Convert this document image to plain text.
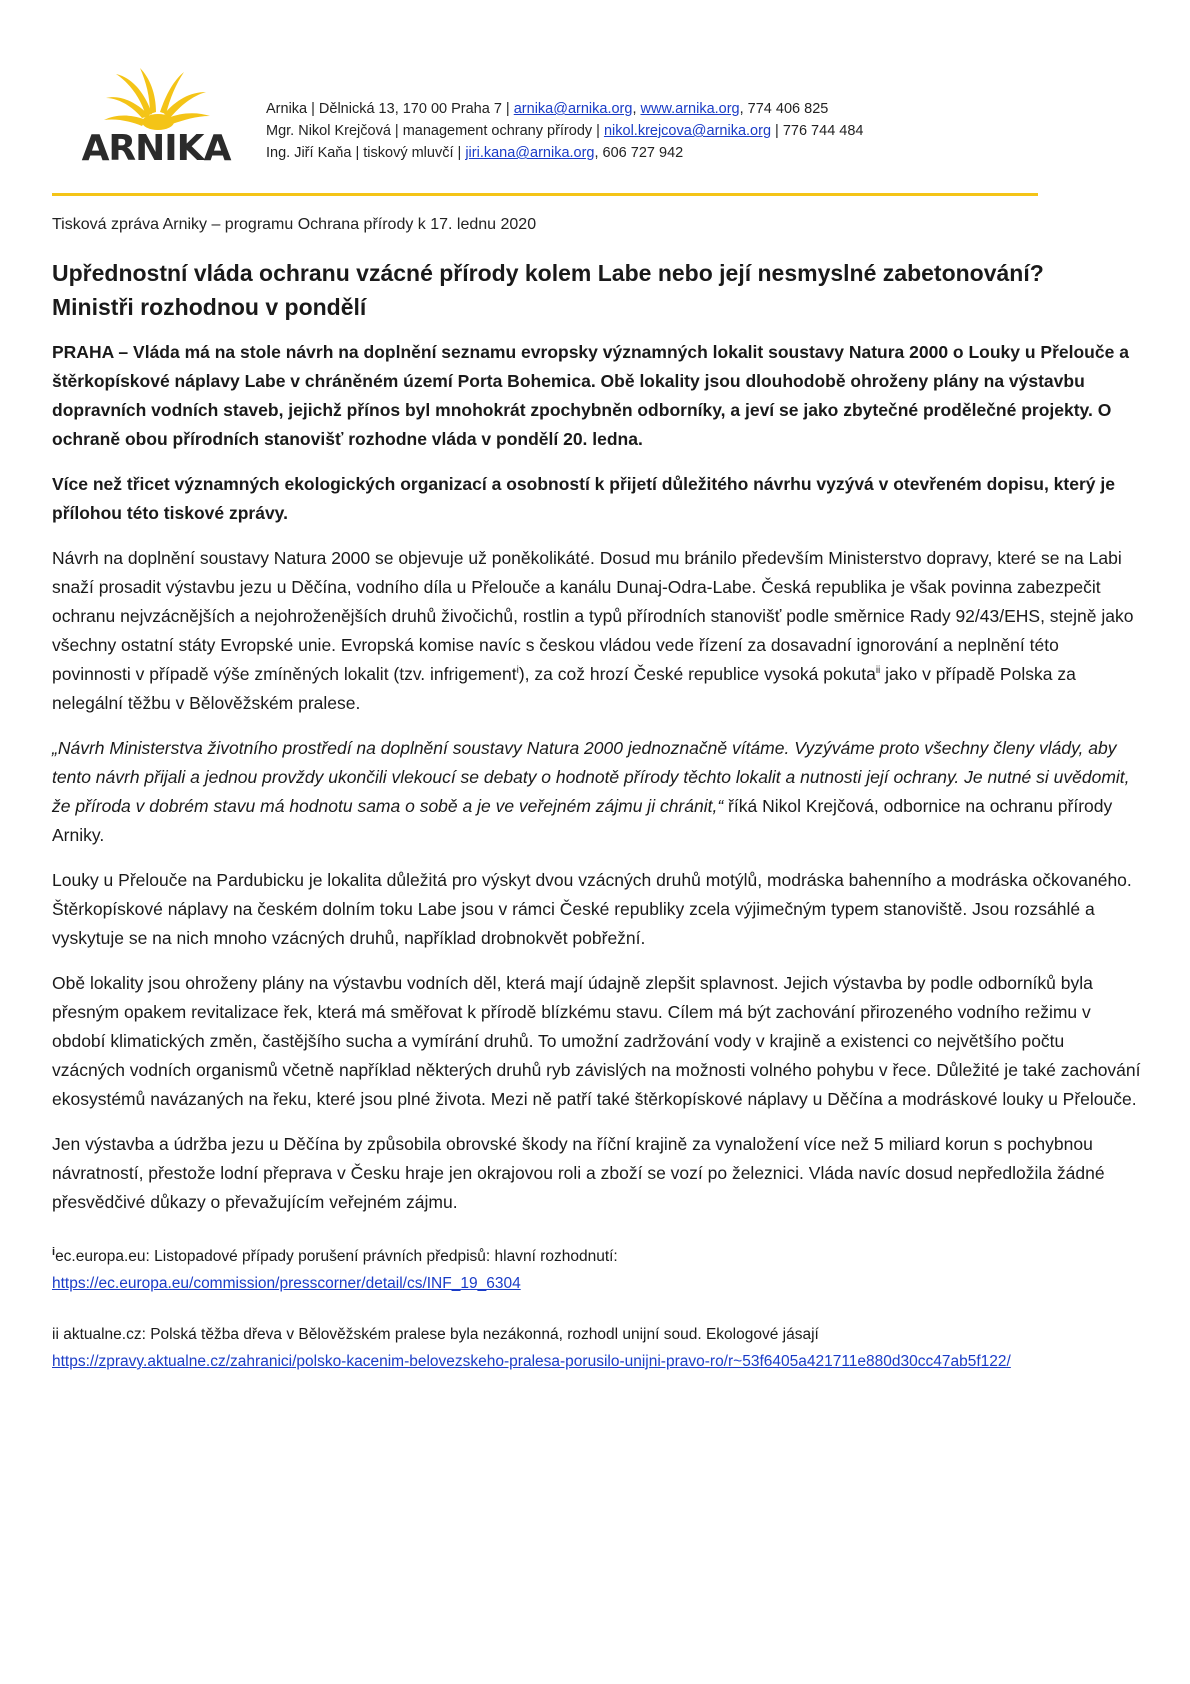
ARNIKA
Arnika | Dělnická 13, 170 00 Praha 7 | arnika@arnika.org, www.arnika.org, 774 406 825
Mgr. Nikol Krejčová | management ochrany přírody | nikol.krejcova@arnika.org | 776 744 484
Ing. Jiří Kaňa | tiskový mluvčí | jiri.kana@arnika.org, 606 727 942
Tisková zpráva Arniky – programu Ochrana přírody k 17. lednu 2020
Upřednostní vláda ochranu vzácné přírody kolem Labe nebo její nesmyslné zabetonování?
Ministři rozhodnou v pondělí

PRAHA – Vláda má na stole návrh na doplnění seznamu evropsky významných lokalit soustavy Natura 2000 o Louky u Přelouče a štěrkopískové náplavy Labe v chráněném území Porta Bohemica. Obě lokality jsou dlouhodobě ohroženy plány na výstavbu dopravních vodních staveb, jejichž přínos byl mnohokrát zpochybněn odborníky, a jeví se jako zbytečné prodělečné projekty. O ochraně obou přírodních stanovišť rozhodne vláda v pondělí 20. ledna.

Více než třicet významných ekologických organizací a osobností k přijetí důležitého návrhu vyzývá v otevřeném dopisu, který je přílohou této tiskové zprávy.

Návrh na doplnění soustavy Natura 2000 se objevuje už poněkolikáté. Dosud mu bránilo především Ministerstvo dopravy, které se na Labi snaží prosadit výstavbu jezu u Děčína, vodního díla u Přelouče a kanálu Dunaj-Odra-Labe. Česká republika je však povinna zabezpečit ochranu nejvzácnějších a nejohroženějších druhů živočichů, rostlin a typů přírodních stanovišť podle směrnice Rady 92/43/EHS, stejně jako všechny ostatní státy Evropské unie. Evropská komise navíc s českou vládou vede řízení za dosavadní ignorování a neplnění této povinnosti v případě výše zmíněných lokalit (tzv. infrigement$^i$), za což hrozí České republice vysoká pokuta$^{ii}$ jako v případě Polska za nelegální těžbu v Bělověžském pralese.

„Návrh Ministerstva životního prostředí na doplnění soustavy Natura 2000 jednoznačně vítáme. Vyzýváme proto všechny členy vlády, aby tento návrh přijali a jednou provždy ukončili vlekoucí se debaty o hodnotě přírody těchto lokalit a nutnosti její ochrany. Je nutné si uvědomit, že příroda v dobrém stavu má hodnotu sama o sobě a je ve veřejném zájmu ji chránit,“ říká Nikol Krejčová, odbornice na ochranu přírody Arniky.

Louky u Přelouče na Pardubicku je lokalita důležitá pro výskyt dvou vzácných druhů motýlů, modráska bahenního a modráska očkovaného. Štěrkopískové náplavy na českém dolním toku Labe jsou v rámci České republiky zcela výjimečným typem stanoviště. Jsou rozsáhlé a vyskytuje se na nich mnoho vzácných druhů, například drobnokvět pobřežní.

Obě lokality jsou ohroženy plány na výstavbu vodních děl, která mají údajně zlepšit splavnost. Jejich výstavba by podle odborníků byla přesným opakem revitalizace řek, která má směřovat k přírodě blízkému stavu. Cílem má být zachování přirozeného vodního režimu v období klimatických změn, častějšího sucha a vymírání druhů. To umožní zadržování vody v krajině a existenci co největšího počtu vzácných vodních organismů včetně například některých druhů ryb závislých na možnosti volného pohybu v řece. Důležité je také zachování ekosystémů navázaných na řeku, které jsou plné života. Mezi ně patří také štěrkopískové náplavy u Děčína a modráskové louky u Přelouče.

Jen výstavba a údržba jezu u Děčína by způsobila obrovské škody na říční krajině za vynaložení více než 5 miliard korun s pochybnou návratností, přestože lodní přeprava v Česku hraje jen okrajovou roli a zboží se vozí po železnici. Vláda navíc dosud nepředložila žádné přesvědčivé důkazy o převažujícím veřejném zájmu.

$^i$ec.europa.eu: Listopadové případy porušení právních předpisů: hlavní rozhodnutí:
https://ec.europa.eu/commission/presscorner/detail/cs/INF_19_6304
ii aktualne.cz: Polská těžba dřeva v Bělověžském pralese byla nezákonná, rozhodl unijní soud. Ekologové jásají
https://zpravy.aktualne.cz/zahranici/polsko-kacenim-belovezskeho-pralesa-porusilo-unijni-pravo-ro/r~53f6405a421711e880d30cc47ab5f122/
